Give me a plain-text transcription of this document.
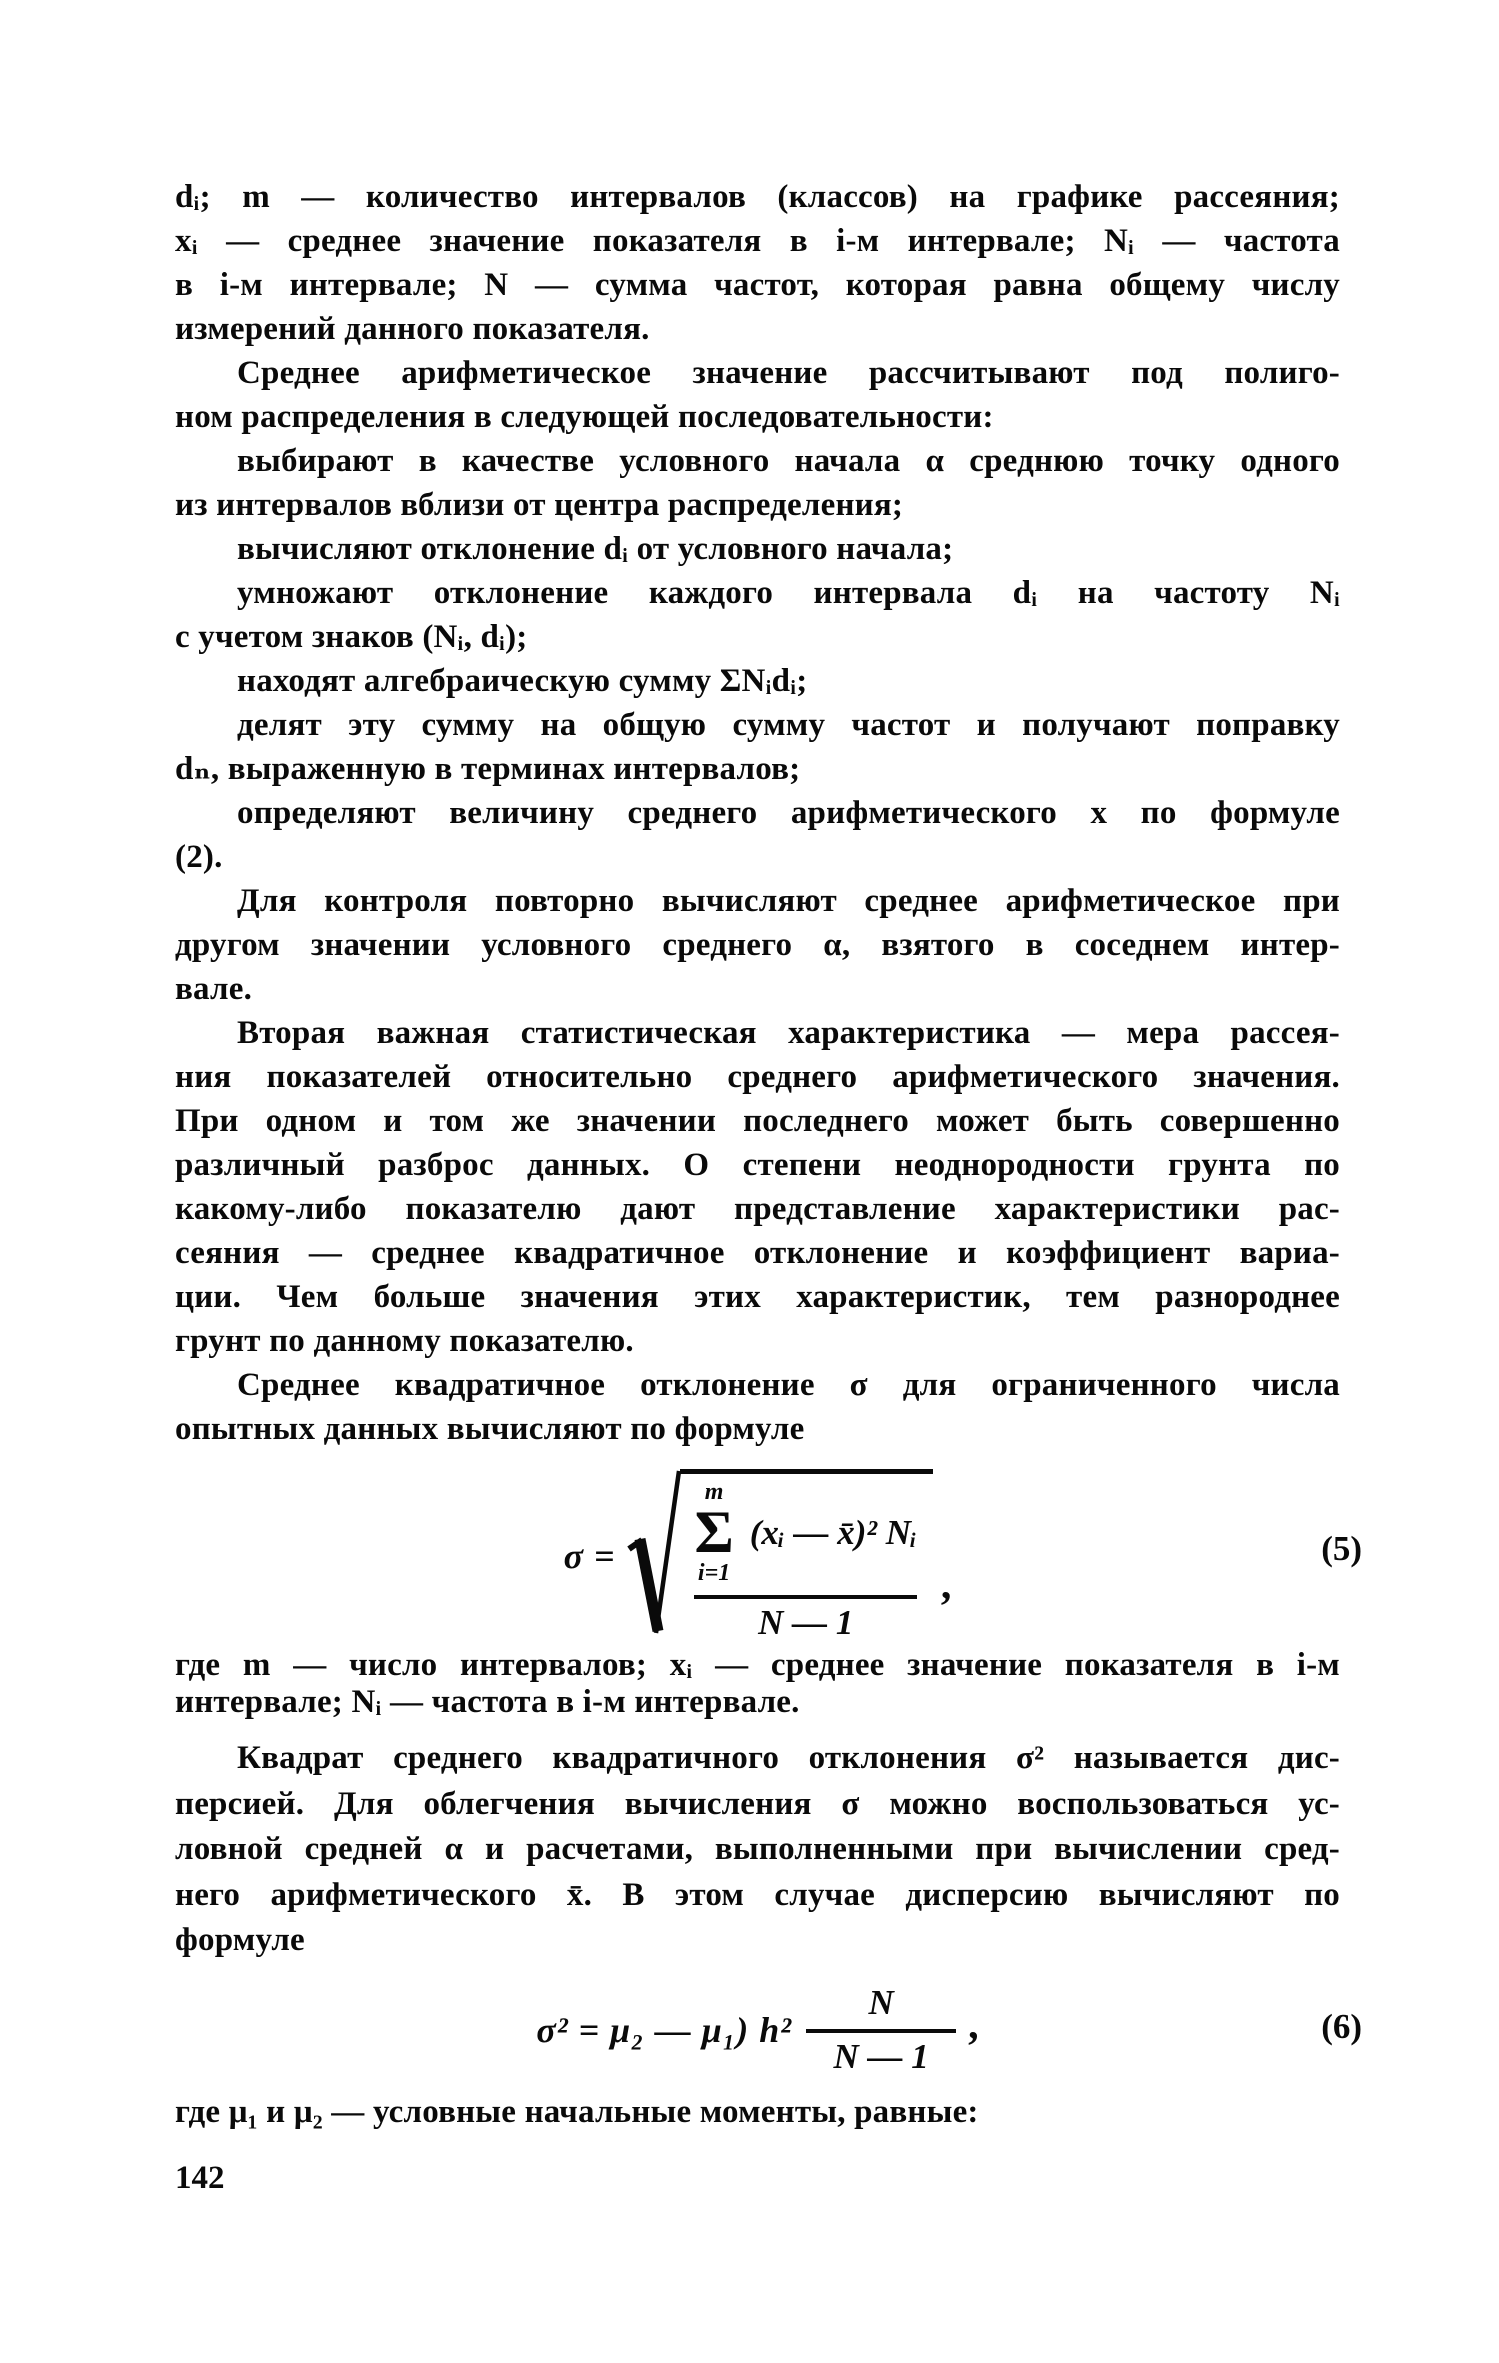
dᵢ; m — количество интервалов (классов) на графике рассеяния;
xᵢ — среднее значение показателя в i-м интервале; Nᵢ — частота
в i-м интервале; N — сумма частот, которая равна общему числу
измерений данного показателя.
Среднее арифметическое значение рассчитывают под полиго-
ном распределения в следующей последовательности:
выбирают в качестве условного начала α среднюю точку одного
из интервалов вблизи от центра распределения;
вычисляют отклонение dᵢ от условного начала;
умножают отклонение каждого интервала dᵢ на частоту Nᵢ
с учетом знаков (Nᵢ, dᵢ);
находят алгебраическую сумму ΣNᵢdᵢ;
делят эту сумму на общую сумму частот и получают поправку
dₙ, выраженную в терминах интервалов;
определяют величину среднего арифметического x по формуле
(2).
Для контроля повторно вычисляют среднее арифметическое при
другом значении условного среднего α, взятого в соседнем интер-
вале.
Вторая важная статистическая характеристика — мера рассея-
ния показателей относительно среднего арифметического значения.
При одном и том же значении последнего может быть совершенно
различный разброс данных. О степени неоднородности грунта по
какому-либо показателю дают представление характеристики рас-
сеяния — среднее квадратичное отклонение и коэффициент вариа-
ции. Чем больше значения этих характеристик, тем разнороднее
грунт по данному показателю.
Среднее квадратичное отклонение σ для ограниченного числа
опытных данных вычисляют по формуле
σ =
m
Σ
i=1
(xᵢ — x̄)² Nᵢ
N — 1
,
(5)
где m — число интервалов; xᵢ — среднее значение показателя в i-м
интервале; Nᵢ — частота в i-м интервале.
Квадрат среднего квадратичного отклонения σ² называется дис-
персией. Для облегчения вычисления σ можно воспользоваться ус-
ловной средней α и расчетами, выполненными при вычислении сред-
него арифметического x̄. В этом случае дисперсию вычисляют по
формуле
σ² = μ₂ — μ₁) $h^2 \frac{N}{N — 1}$ ,	(6)
где μ₁ и μ₂ — условные начальные моменты, равные:
142
